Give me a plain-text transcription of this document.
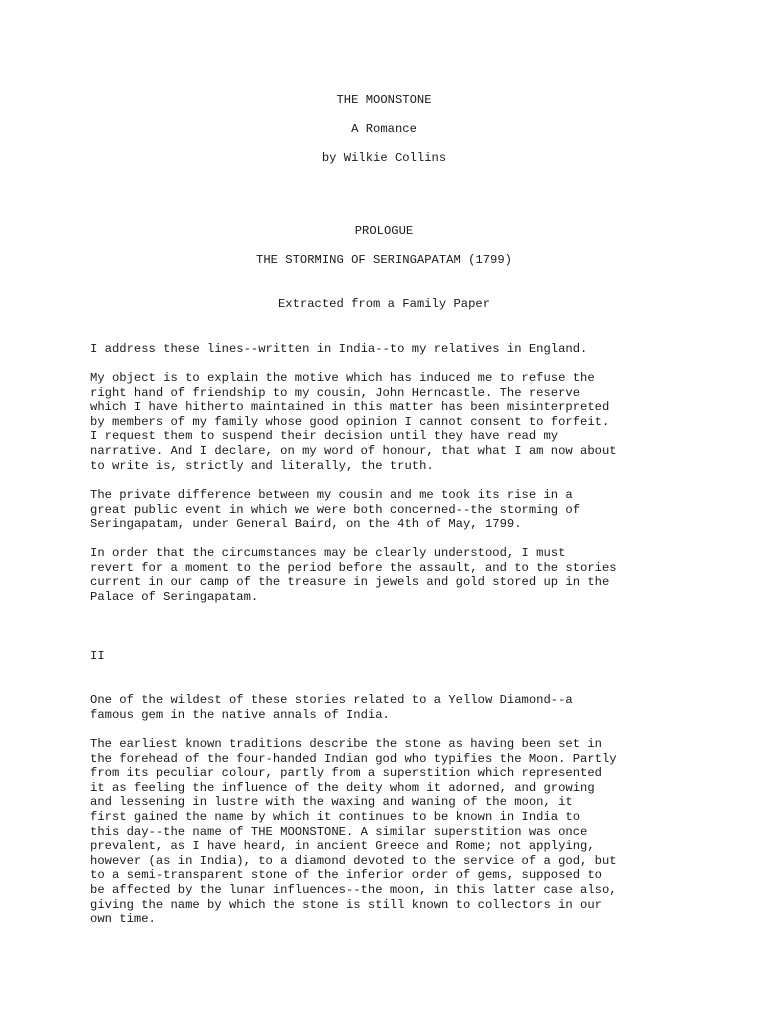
THE MOONSTONE
A Romance
by Wilkie Collins
PROLOGUE
THE STORMING OF SERINGAPATAM (1799)
Extracted from a Family Paper

I address these lines--written in India--to my relatives in England.

My object is to explain the motive which has induced me to refuse the
right hand of friendship to my cousin, John Herncastle. The reserve
which I have hitherto maintained in this matter has been misinterpreted
by members of my family whose good opinion I cannot consent to forfeit.
I request them to suspend their decision until they have read my
narrative. And I declare, on my word of honour, that what I am now about
to write is, strictly and literally, the truth.

The private difference between my cousin and me took its rise in a
great public event in which we were both concerned--the storming of
Seringapatam, under General Baird, on the 4th of May, 1799.

In order that the circumstances may be clearly understood, I must
revert for a moment to the period before the assault, and to the stories
current in our camp of the treasure in jewels and gold stored up in the
Palace of Seringapatam.

II

One of the wildest of these stories related to a Yellow Diamond--a
famous gem in the native annals of India.

The earliest known traditions describe the stone as having been set in
the forehead of the four-handed Indian god who typifies the Moon. Partly
from its peculiar colour, partly from a superstition which represented
it as feeling the influence of the deity whom it adorned, and growing
and lessening in lustre with the waxing and waning of the moon, it
first gained the name by which it continues to be known in India to
this day--the name of THE MOONSTONE. A similar superstition was once
prevalent, as I have heard, in ancient Greece and Rome; not applying,
however (as in India), to a diamond devoted to the service of a god, but
to a semi-transparent stone of the inferior order of gems, supposed to
be affected by the lunar influences--the moon, in this latter case also,
giving the name by which the stone is still known to collectors in our
own time.
